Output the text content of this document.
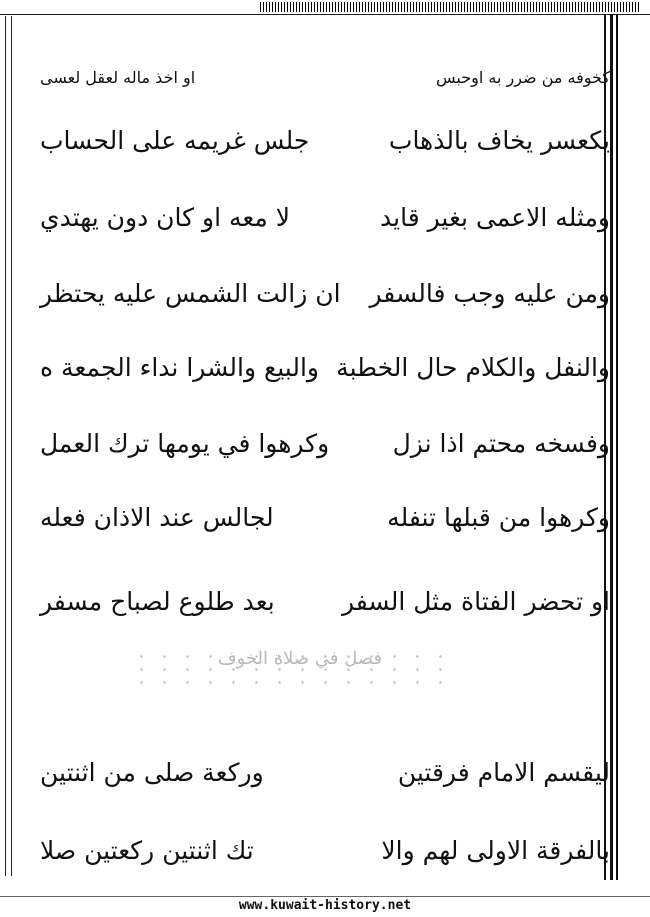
كخوفه من ضرر به اوحبس
او اخذ ماله لعقل لعسى
يكعسر يخاف بالذهاب
جلس غريمه على الحساب
ومثله الاعمى بغير قايد
لا معه او كان دون يهتدي
ومن عليه وجب فالسفر
ان زالت الشمس عليه يحتظر
والنفل والكلام حال الخطبة
والبيع والشرا نداء الجمعة ه
وفسخه محتم اذا نزل
وكرهوا في يومها ترك العمل
وكرهوا من قبلها تنفله
لجالس عند الاذان فعله
او تحضر الفتاة مثل السفر
بعد طلوع لصباح مسفر
ليقسم الامام فرقتين
وركعة صلى من اثنتين
بالفرقة الاولى لهم والا
تك اثنتين ركعتين صلا
فصل في صلاة الخوف
www.kuwait-history.net
